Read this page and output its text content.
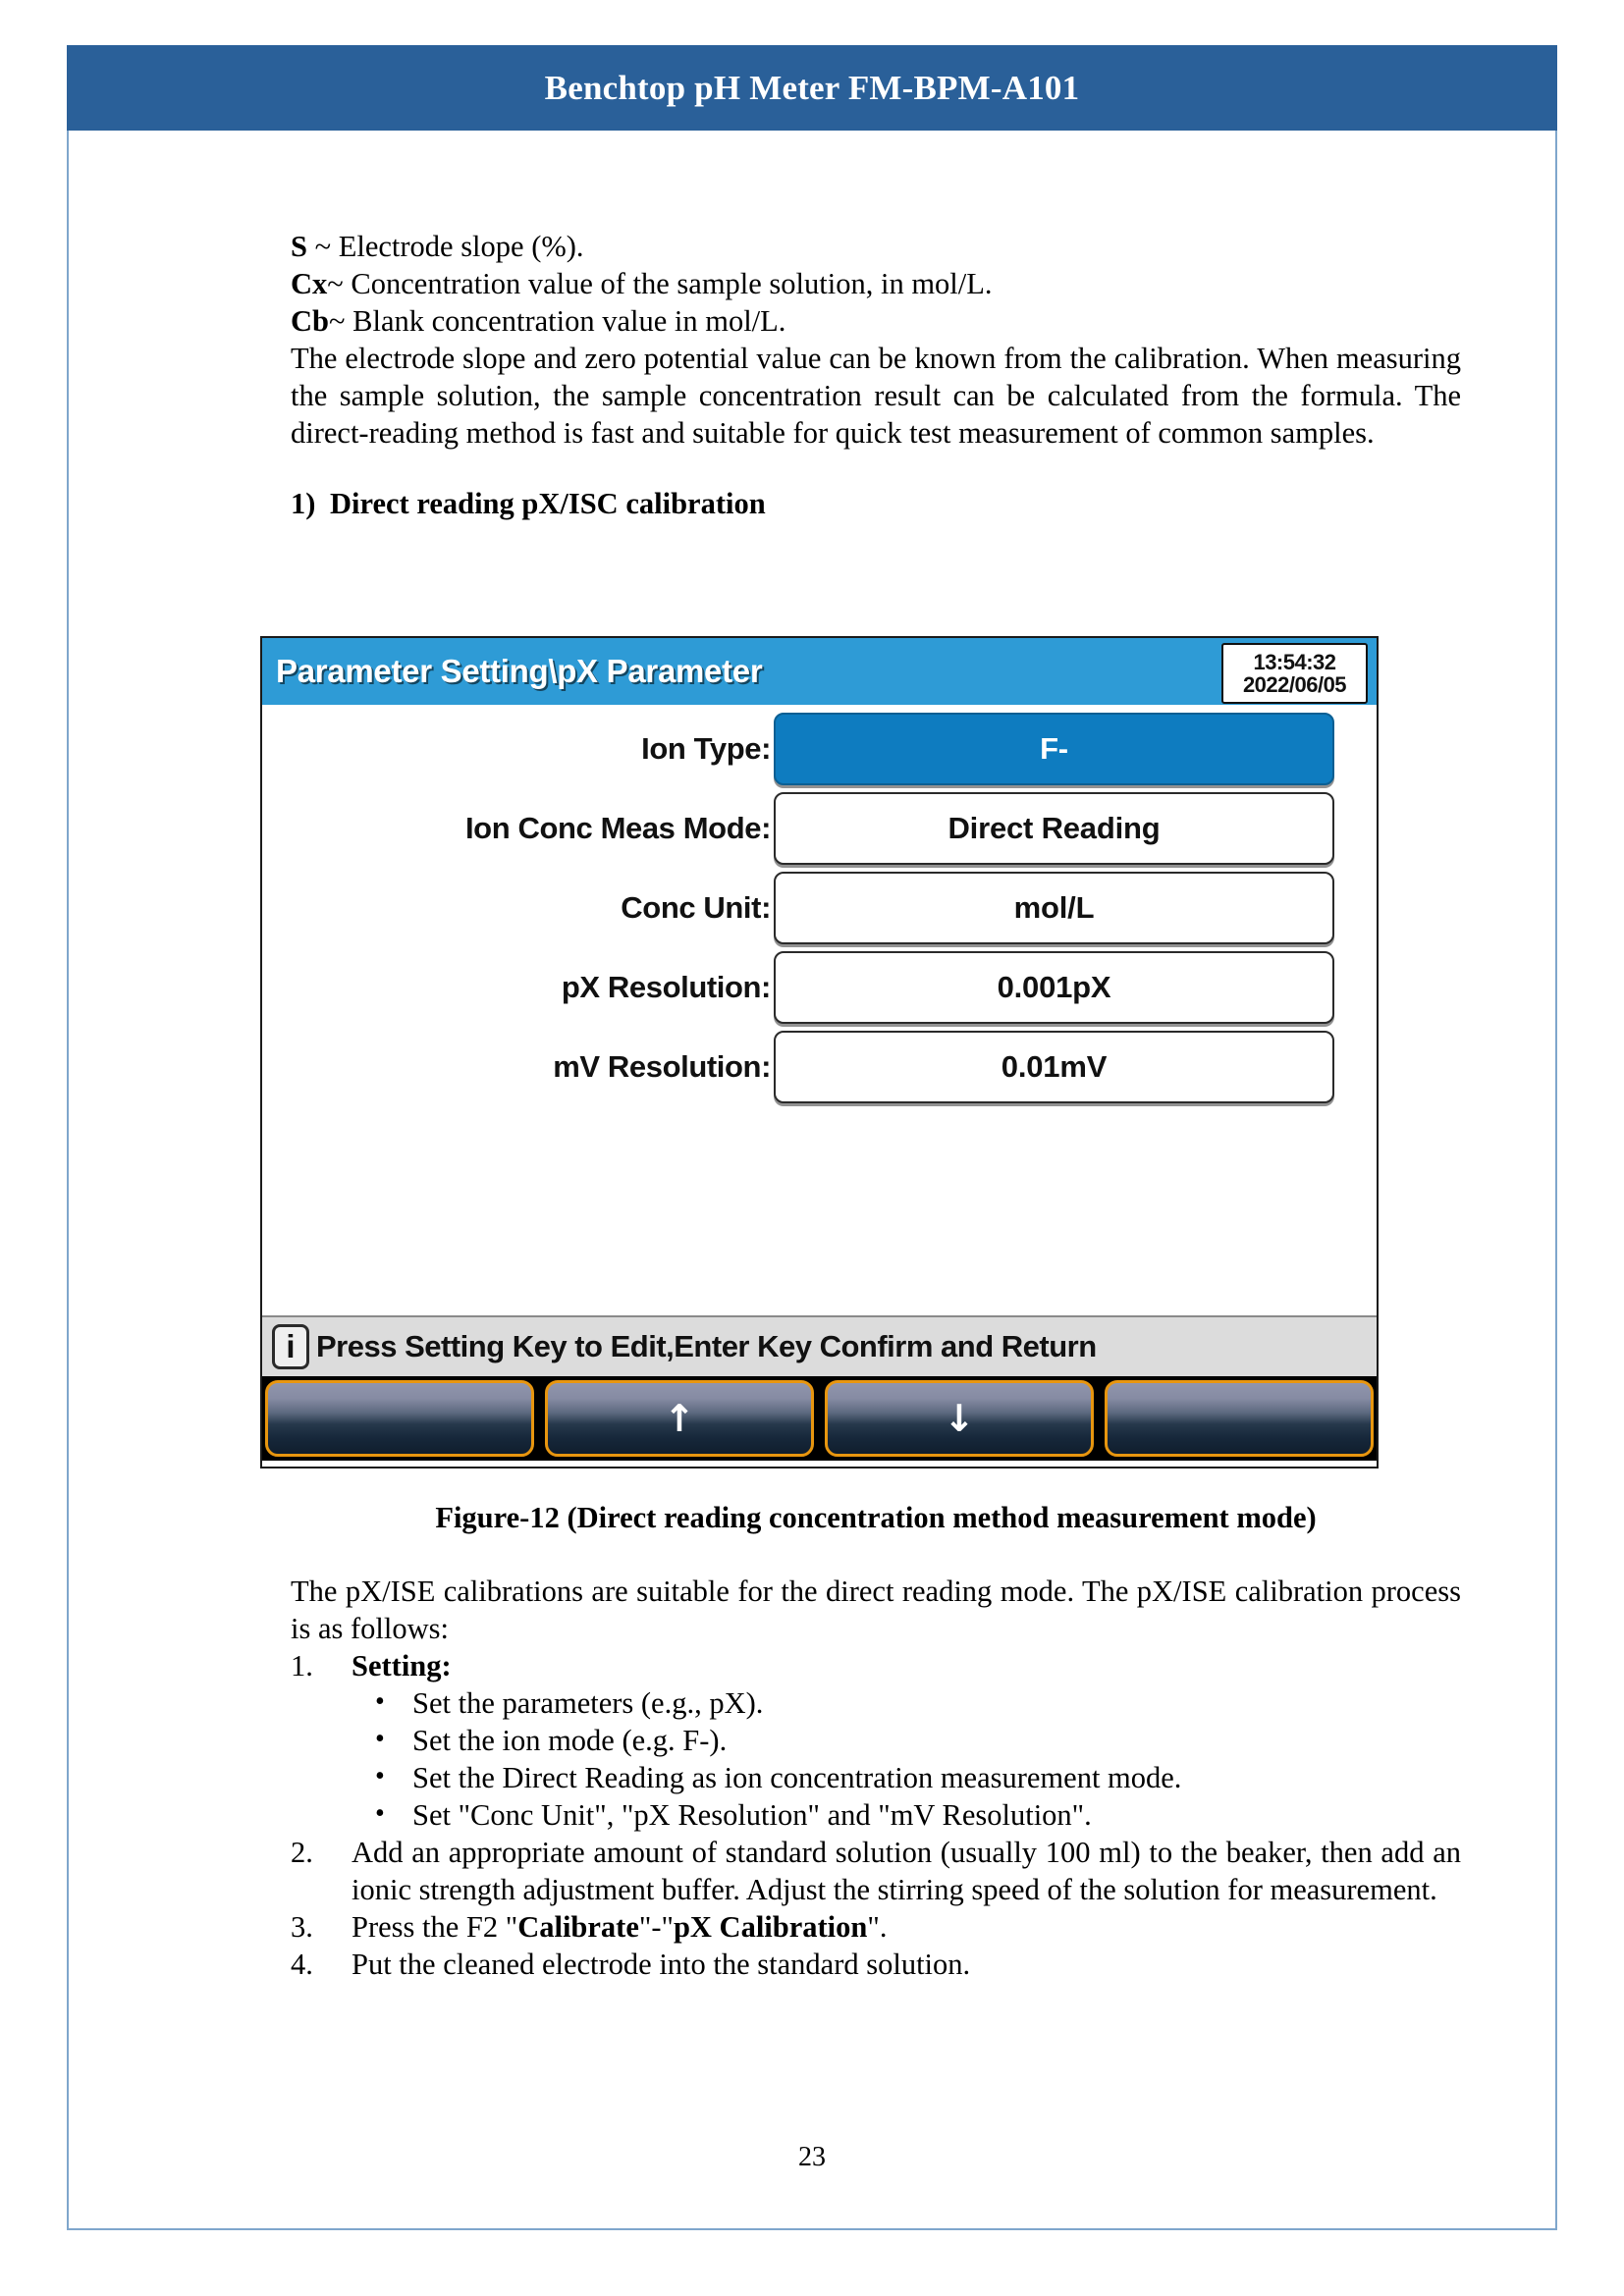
Benchtop pH Meter FM-BPM-A101

S ~ Electrode slope (%).

Cx~ Concentration value of the sample solution, in mol/L.

Cb~ Blank concentration value in mol/L.

The electrode slope and zero potential value can be known from the calibration. When measuring the sample solution, the sample concentration result can be calculated from the formula. The direct-reading method is fast and suitable for quick test measurement of common samples.

1) Direct reading pX/ISC calibration
Parameter Setting\pX Parameter	13:54:32
2022/06/05
Ion Type:	F-
Ion Conc Meas Mode:	Direct Reading
Conc Unit:	mol/L
pX Resolution:	0.001pX
mV Resolution:	0.01mV
i Press Setting Key to Edit,Enter Key Confirm and Return
↑	↓
Figure-12 (Direct reading concentration method measurement mode)

The pX/ISE calibrations are suitable for the direct reading mode. The pX/ISE calibration process is as follows:

1.	Setting:
• Set the parameters (e.g., pX).
• Set the ion mode (e.g. F-).
• Set the Direct Reading as ion concentration measurement mode.
• Set "Conc Unit", "pX Resolution" and "mV Resolution".
2.	Add an appropriate amount of standard solution (usually 100 ml) to the beaker, then add an ionic strength adjustment buffer. Adjust the stirring speed of the solution for measurement.
3.	Press the F2 "Calibrate"-"pX Calibration".
4.	Put the cleaned electrode into the standard solution.
23
